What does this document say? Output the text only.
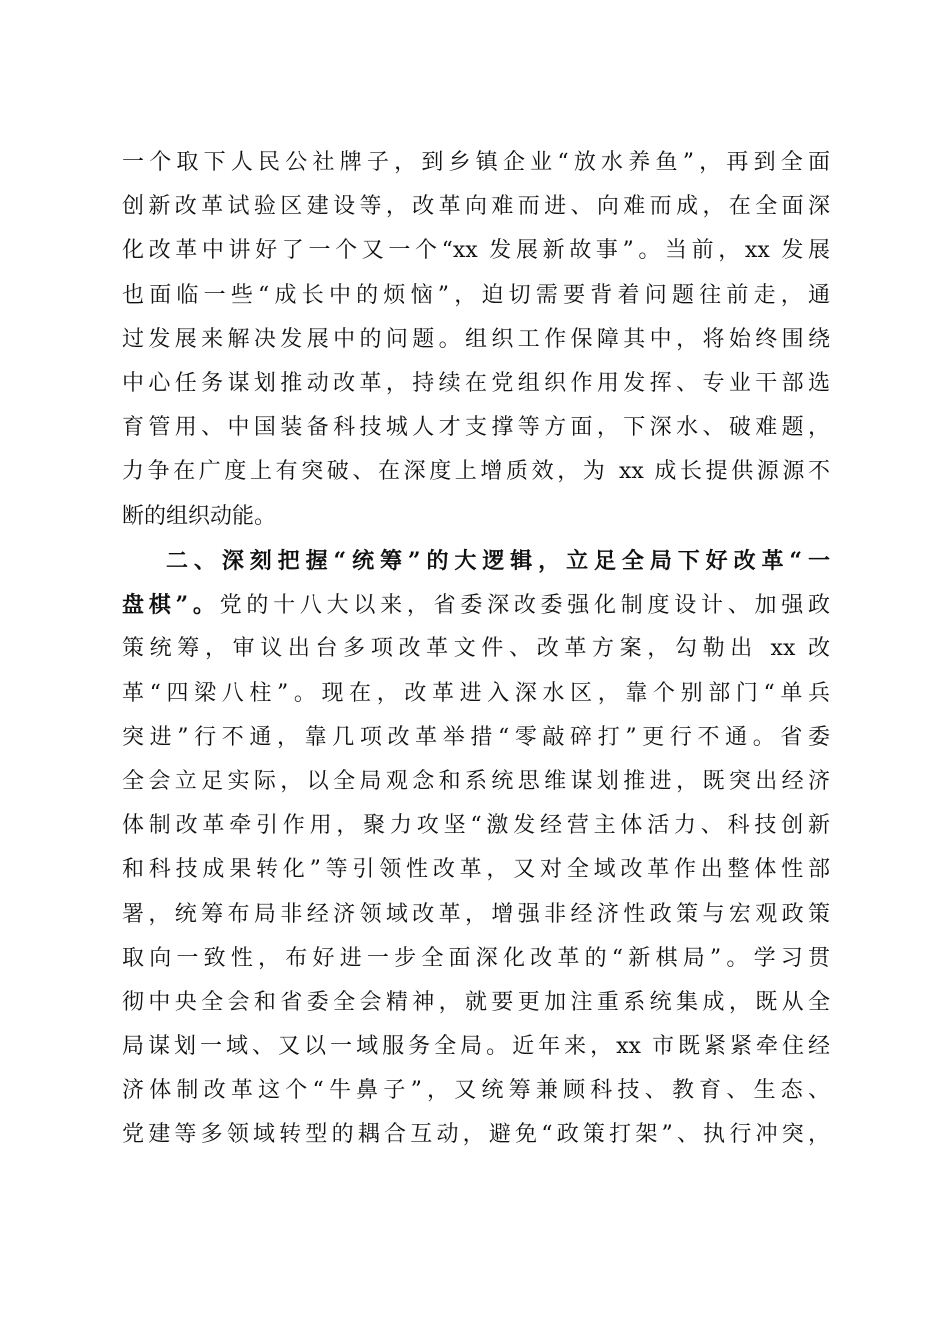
一个取下人民公社牌子，到乡镇企业“放水养鱼”，再到全面
创新改革试验区建设等，改革向难而进、向难而成，在全面深
化改革中讲好了一个又一个“xx 发展新故事”。当前，xx 发展
也面临一些“成长中的烦恼”，迫切需要背着问题往前走，通
过发展来解决发展中的问题。组织工作保障其中，将始终围绕
中心任务谋划推动改革，持续在党组织作用发挥、专业干部选
育管用、中国装备科技城人才支撑等方面，下深水、破难题，
力争在广度上有突破、在深度上增质效，为 xx 成长提供源源不
断的组织动能。
二、深刻把握“统筹”的大逻辑，立足全局下好改革“一
盘棋”。党的十八大以来，省委深改委强化制度设计、加强政
策统筹，审议出台多项改革文件、改革方案，勾勒出 xx 改
革“四梁八柱”。现在，改革进入深水区，靠个别部门“单兵
突进”行不通，靠几项改革举措“零敲碎打”更行不通。省委
全会立足实际，以全局观念和系统思维谋划推进，既突出经济
体制改革牵引作用，聚力攻坚“激发经营主体活力、科技创新
和科技成果转化”等引领性改革，又对全域改革作出整体性部
署，统筹布局非经济领域改革，增强非经济性政策与宏观政策
取向一致性，布好进一步全面深化改革的“新棋局”。学习贯
彻中央全会和省委全会精神，就要更加注重系统集成，既从全
局谋划一域、又以一域服务全局。近年来，xx 市既紧紧牵住经
济体制改革这个“牛鼻子”，又统筹兼顾科技、教育、生态、
党建等多领域转型的耦合互动，避免“政策打架”、执行冲突，
